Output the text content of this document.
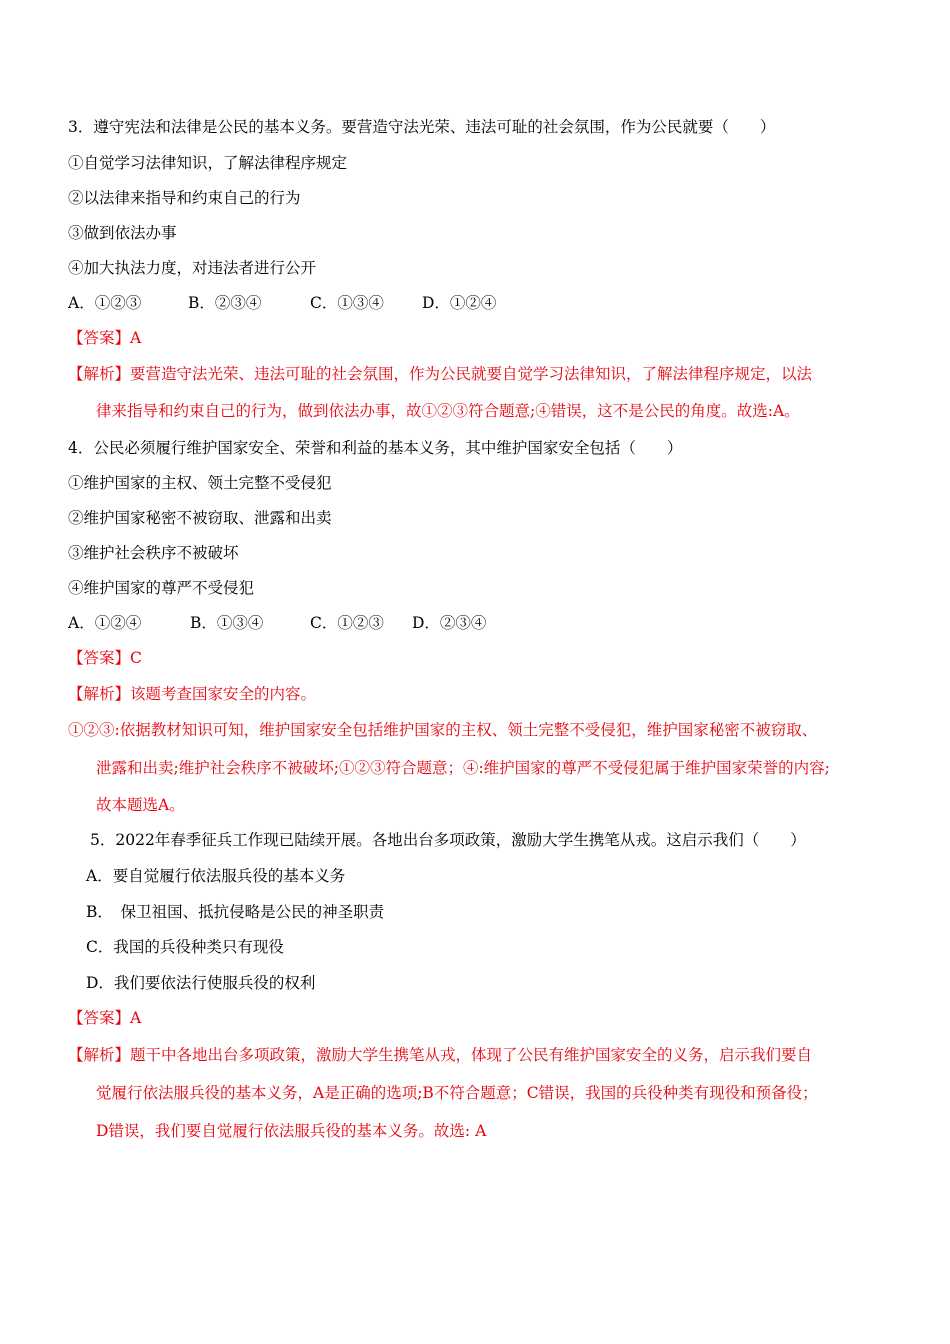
3．遵守宪法和法律是公民的基本义务。要营造守法光荣、违法可耻的社会氛围，作为公民就要（　　）
①自觉学习法律知识，了解法律程序规定
②以法律来指导和约束自己的行为
③做到依法办事
④加大执法力度，对违法者进行公开
A．①②③	B．②③④	C．①③④ D．①②④
【答案】A
【解析】要营造守法光荣、违法可耻的社会氛围，作为公民就要自觉学习法律知识，了解法律程序规定，以法
律来指导和约束自己的行为，做到依法办事，故①②③符合题意;④错误，这不是公民的角度。故选:A。
4．公民必须履行维护国家安全、荣誉和利益的基本义务，其中维护国家安全包括（　　）
①维护国家的主权、领土完整不受侵犯
②维护国家秘密不被窃取、泄露和出卖
③维护社会秩序不被破坏
④维护国家的尊严不受侵犯
A．①②④	B．①③④	C．①②③ D．②③④
【答案】C
【解析】该题考查国家安全的内容。
①②③:依据教材知识可知，维护国家安全包括维护国家的主权、领土完整不受侵犯，维护国家秘密不被窃取、
泄露和出卖;维护社会秩序不被破坏;①②③符合题意；④:维护国家的尊严不受侵犯属于维护国家荣誉的内容;
故本题选A。
5．2022年春季征兵工作现已陆续开展。各地出台多项政策，激励大学生携笔从戎。这启示我们（　　）
A．要自觉履行依法服兵役的基本义务
B．　保卫祖国、抵抗侵略是公民的神圣职责
C．我国的兵役种类只有现役
D．我们要依法行使服兵役的权利
【答案】A
【解析】题干中各地出台多项政策，激励大学生携笔从戎，体现了公民有维护国家安全的义务，启示我们要自
觉履行依法服兵役的基本义务，A是正确的选项;B不符合题意；C错误，我国的兵役种类有现役和预备役；
D错误，我们要自觉履行依法服兵役的基本义务。故选: A
